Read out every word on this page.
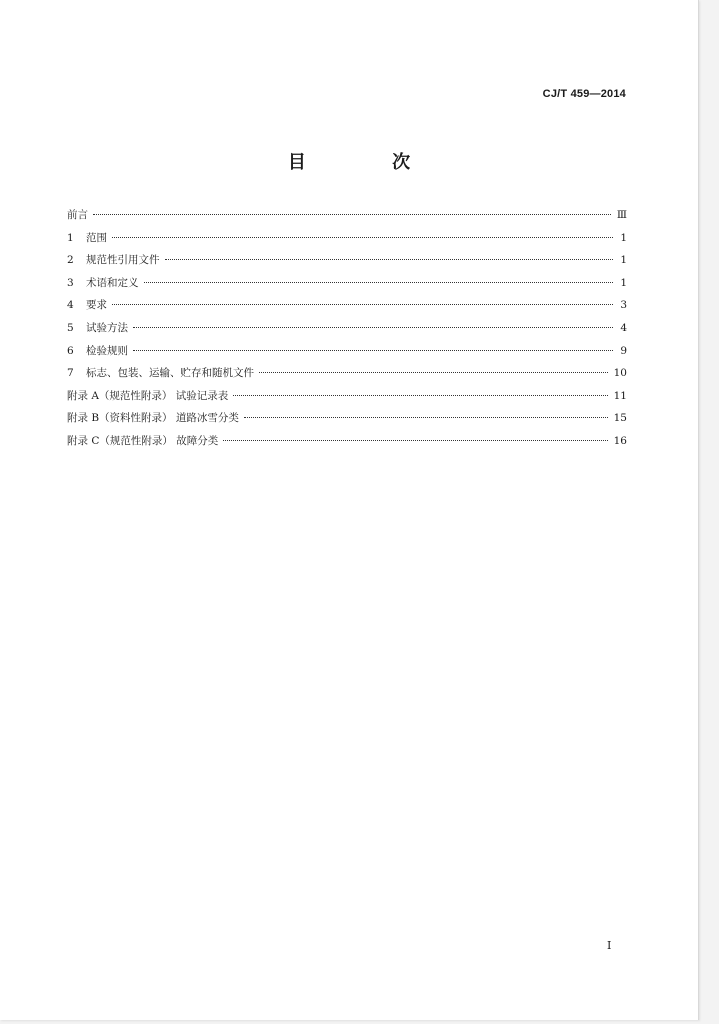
CJ/T 459—2014
目 次
前言	Ⅲ
1	范围	1
2	规范性引用文件	1
3	术语和定义	1
4	要求	3
5	试验方法	4
6	检验规则	9
7	标志、包装、运输、贮存和随机文件	10
附录 A（规范性附录） 试验记录表	11
附录 B（资料性附录） 道路冰雪分类	15
附录 C（规范性附录） 故障分类	16
I
